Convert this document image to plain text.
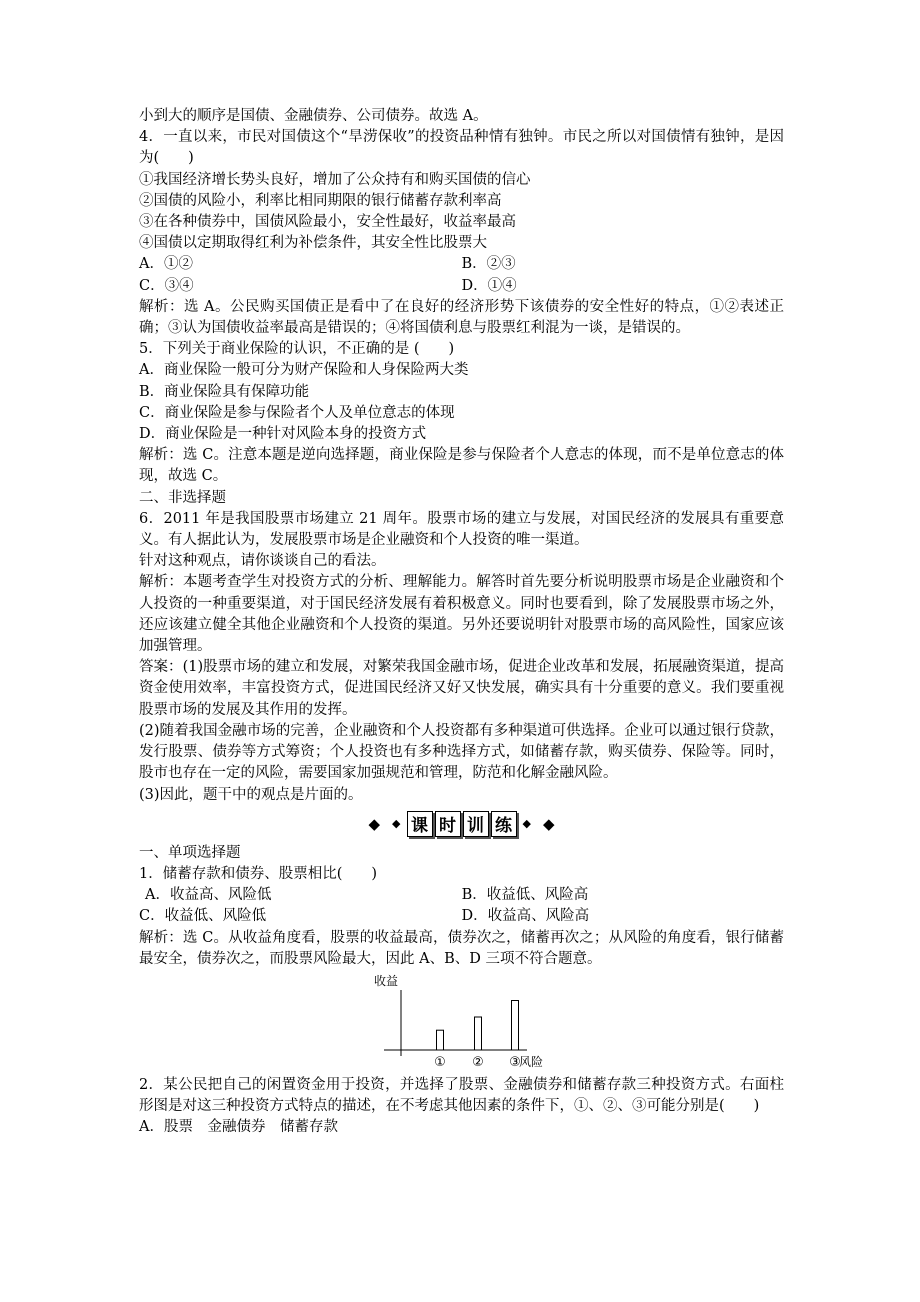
小到大的顺序是国债、金融债券、公司债券。故选 A。
4．一直以来，市民对国债这个“旱涝保收”的投资品种情有独钟。市民之所以对国债情有独钟，是因为(　　)
①我国经济增长势头良好，增加了公众持有和购买国债的信心
②国债的风险小，利率比相同期限的银行储蓄存款利率高
③在各种债券中，国债风险最小，安全性最好，收益率最高
④国债以定期取得红利为补偿条件，其安全性比股票大
A．①②	B．②③
C．③④	D．①④
解析：选 A。公民购买国债正是看中了在良好的经济形势下该债券的安全性好的特点，①②表述正确；③认为国债收益率最高是错误的；④将国债利息与股票红利混为一谈，是错误的。
5．下列关于商业保险的认识，不正确的是 (　　)
A．商业保险一般可分为财产保险和人身保险两大类
B．商业保险具有保障功能
C．商业保险是参与保险者个人及单位意志的体现
D．商业保险是一种针对风险本身的投资方式
解析：选 C。注意本题是逆向选择题，商业保险是参与保险者个人意志的体现，而不是单位意志的体现，故选 C。
二、非选择题
6．2011 年是我国股票市场建立 21 周年。股票市场的建立与发展，对国民经济的发展具有重要意义。有人据此认为，发展股票市场是企业融资和个人投资的唯一渠道。
针对这种观点，请你谈谈自己的看法。
解析：本题考查学生对投资方式的分析、理解能力。解答时首先要分析说明股票市场是企业融资和个人投资的一种重要渠道，对于国民经济发展有着积极意义。同时也要看到，除了发展股票市场之外，还应该建立健全其他企业融资和个人投资的渠道。另外还要说明针对股票市场的高风险性，国家应该加强管理。
答案：(1)股票市场的建立和发展，对繁荣我国金融市场，促进企业改革和发展，拓展融资渠道，提高资金使用效率，丰富投资方式，促进国民经济又好又快发展，确实具有十分重要的意义。我们要重视股票市场的发展及其作用的发挥。
(2)随着我国金融市场的完善，企业融资和个人投资都有多种渠道可供选择。企业可以通过银行贷款，发行股票、债券等方式筹资；个人投资也有多种选择方式，如储蓄存款，购买债券、保险等。同时，股市也存在一定的风险，需要国家加强规范和管理，防范和化解金融风险。
(3)因此，题干中的观点是片面的。
◆ ◆ 课 时 训 练 ◆ ◆
一、单项选择题
1．储蓄存款和债券、股票相比(　　)
A．收益高、风险低	B．收益低、风险高
C．收益低、风险低	D．收益高、风险高
解析：选 C。从收益角度看，股票的收益最高，债券次之，储蓄再次之；从风险的角度看，银行储蓄最安全，债券次之，而股票风险最大，因此 A、B、D 三项不符合题意。
收益
风险
① ② ③
2．某公民把自己的闲置资金用于投资，并选择了股票、金融债券和储蓄存款三种投资方式。右面柱形图是对这三种投资方式特点的描述，在不考虑其他因素的条件下，①、②、③可能分别是(　　)
A．股票　金融债券　储蓄存款
